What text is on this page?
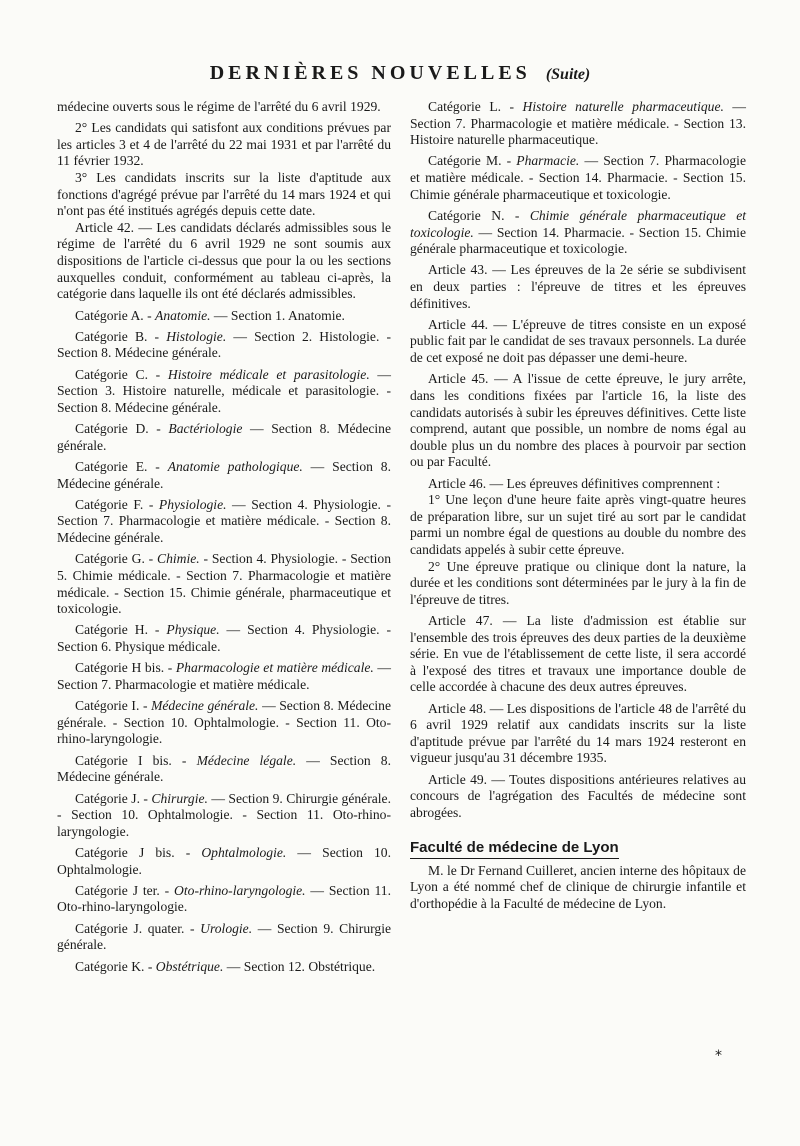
DERNIÈRES NOUVELLES (Suite)

médecine ouverts sous le régime de l'arrêté du 6 avril 1929.

2° Les candidats qui satisfont aux conditions prévues par les articles 3 et 4 de l'arrêté du 22 mai 1931 et par l'arrêté du 11 février 1932.

3° Les candidats inscrits sur la liste d'aptitude aux fonctions d'agrégé prévue par l'arrêté du 14 mars 1924 et qui n'ont pas été institués agrégés depuis cette date.

Article 42. — Les candidats déclarés admissibles sous le régime de l'arrêté du 6 avril 1929 ne sont soumis aux dispositions de l'article ci-dessus que pour la ou les sections auxquelles conduit, conformément au tableau ci-après, la catégorie dans laquelle ils ont été déclarés admissibles.

Catégorie A. - Anatomie. — Section 1. Anatomie.

Catégorie B. - Histologie. — Section 2. Histologie. - Section 8. Médecine générale.

Catégorie C. - Histoire médicale et parasitologie. — Section 3. Histoire naturelle, médicale et parasitologie. - Section 8. Médecine générale.

Catégorie D. - Bactériologie — Section 8. Médecine générale.

Catégorie E. - Anatomie pathologique. — Section 8. Médecine générale.

Catégorie F. - Physiologie. — Section 4. Physiologie. - Section 7. Pharmacologie et matière médicale. - Section 8. Médecine générale.

Catégorie G. - Chimie. - Section 4. Physiologie. - Section 5. Chimie médicale. - Section 7. Pharmacologie et matière médicale. - Section 15. Chimie générale, pharmaceutique et toxicologie.

Catégorie H. - Physique. — Section 4. Physiologie. - Section 6. Physique médicale.

Catégorie H bis. - Pharmacologie et matière médicale. — Section 7. Pharmacologie et matière médicale.

Catégorie I. - Médecine générale. — Section 8. Médecine générale. - Section 10. Ophtalmologie. - Section 11. Oto-rhino-laryngologie.

Catégorie I bis. - Médecine légale. — Section 8. Médecine générale.

Catégorie J. - Chirurgie. — Section 9. Chirurgie générale. - Section 10. Ophtalmologie. - Section 11. Oto-rhino-laryngologie.

Catégorie J bis. - Ophtalmologie. — Section 10. Ophtalmologie.

Catégorie J ter. - Oto-rhino-laryngologie. — Section 11. Oto-rhino-laryngologie.

Catégorie J. quater. - Urologie. — Section 9. Chirurgie générale.

Catégorie K. - Obstétrique. — Section 12. Obstétrique.

Catégorie L. - Histoire naturelle pharmaceutique. — Section 7. Pharmacologie et matière médicale. - Section 13. Histoire naturelle pharmaceutique.

Catégorie M. - Pharmacie. — Section 7. Pharmacologie et matière médicale. - Section 14. Pharmacie. - Section 15. Chimie générale pharmaceutique et toxicologie.

Catégorie N. - Chimie générale pharmaceutique et toxicologie. — Section 14. Pharmacie. - Section 15. Chimie générale pharmaceutique et toxicologie.

Article 43. — Les épreuves de la 2e série se subdivisent en deux parties : l'épreuve de titres et les épreuves définitives.

Article 44. — L'épreuve de titres consiste en un exposé public fait par le candidat de ses travaux personnels. La durée de cet exposé ne doit pas dépasser une demi-heure.

Article 45. — A l'issue de cette épreuve, le jury arrête, dans les conditions fixées par l'article 16, la liste des candidats autorisés à subir les épreuves définitives. Cette liste comprend, autant que possible, un nombre de noms égal au double plus un du nombre des places à pourvoir par section ou par Faculté.

Article 46. — Les épreuves définitives comprennent :

1° Une leçon d'une heure faite après vingt-quatre heures de préparation libre, sur un sujet tiré au sort par le candidat parmi un nombre égal de questions au double du nombre des candidats appelés à subir cette épreuve.

2° Une épreuve pratique ou clinique dont la nature, la durée et les conditions sont déterminées par le jury à la fin de l'épreuve de titres.

Article 47. — La liste d'admission est établie sur l'ensemble des trois épreuves des deux parties de la deuxième série. En vue de l'établissement de cette liste, il sera accordé à l'exposé des titres et travaux une importance double de celle accordée à chacune des deux autres épreuves.

Article 48. — Les dispositions de l'article 48 de l'arrêté du 6 avril 1929 relatif aux candidats inscrits sur la liste d'aptitude prévue par l'arrêté du 14 mars 1924 resteront en vigueur jusqu'au 31 décembre 1935.

Article 49. — Toutes dispositions antérieures relatives au concours de l'agrégation des Facultés de médecine sont abrogées.

Faculté de médecine de Lyon

M. le Dr Fernand Cuilleret, ancien interne des hôpitaux de Lyon a été nommé chef de clinique de chirurgie infantile et d'orthopédie à la Faculté de médecine de Lyon.

*
